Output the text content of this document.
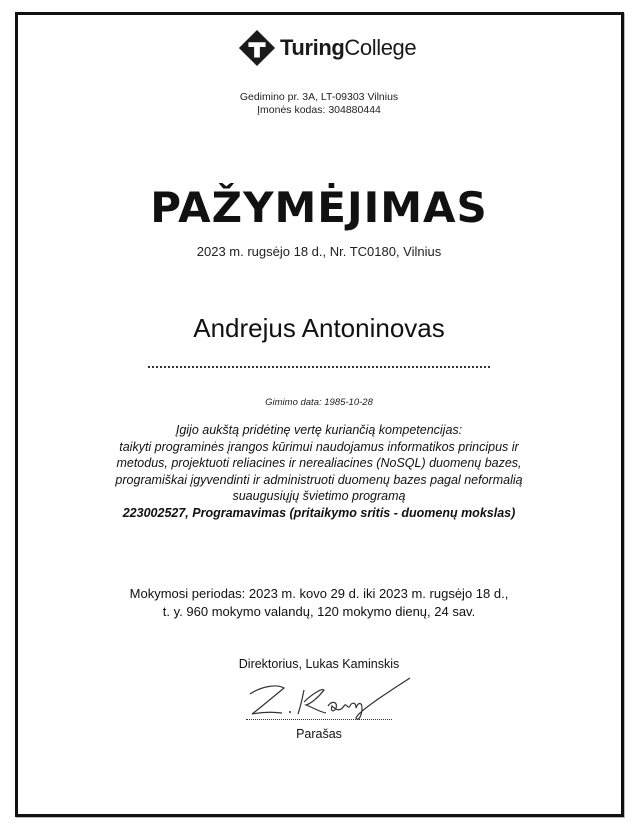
TuringCollege
Gedimino pr. 3A, LT-09303 Vilnius
Įmonės kodas: 304880444
PAŽYMĖJIMAS
2023 m. rugsėjo 18 d., Nr. TC0180, Vilnius
Andrejus Antoninovas
Gimimo data: 1985-10-28
Įgijo aukštą pridėtinę vertę kuriančią kompetencijas:
taikyti programinės įrangos kūrimui naudojamus informatikos principus ir
metodus, projektuoti reliacines ir nerealiacines (NoSQL) duomenų bazes,
programiškai įgyvendinti ir administruoti duomenų bazes pagal neformalią
suaugusiųjų švietimo programą
223002527, Programavimas (pritaikymo sritis - duomenų mokslas)
Mokymosi periodas: 2023 m. kovo 29 d. iki 2023 m. rugsėjo 18 d.,
t. y. 960 mokymo valandų, 120 mokymo dienų, 24 sav.
Direktorius, Lukas Kaminskis
Parašas
